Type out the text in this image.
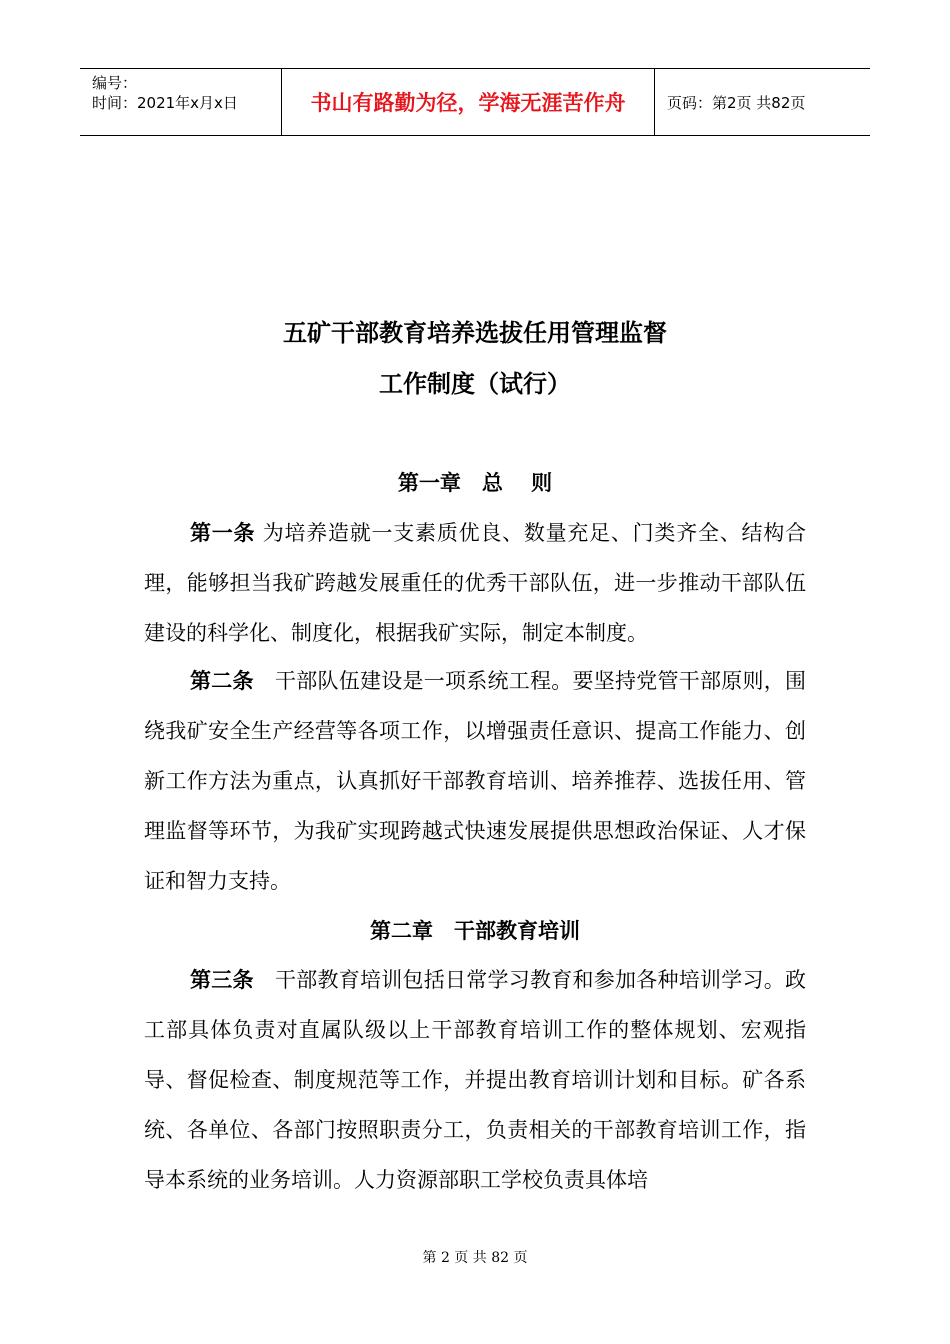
编号：
时间：2021年x月x日	书山有路勤为径，学海无涯苦作舟	页码：第2页 共82页
五矿干部教育培养选拔任用管理监督
工作制度（试行）
第一章　总　 则
第一条 为培养造就一支素质优良、数量充足、门类齐全、结构合理，能够担当我矿跨越发展重任的优秀干部队伍，进一步推动干部队伍建设的科学化、制度化，根据我矿实际，制定本制度。
第二条　干部队伍建设是一项系统工程。要坚持党管干部原则，围绕我矿安全生产经营等各项工作，以增强责任意识、提高工作能力、创新工作方法为重点，认真抓好干部教育培训、培养推荐、选拔任用、管理监督等环节，为我矿实现跨越式快速发展提供思想政治保证、人才保证和智力支持。
第二章　干部教育培训
第三条　干部教育培训包括日常学习教育和参加各种培训学习。政工部具体负责对直属队级以上干部教育培训工作的整体规划、宏观指导、督促检查、制度规范等工作，并提出教育培训计划和目标。矿各系统、各单位、各部门按照职责分工，负责相关的干部教育培训工作，指导本系统的业务培训。人力资源部职工学校负责具体培
第 2 页 共 82 页
